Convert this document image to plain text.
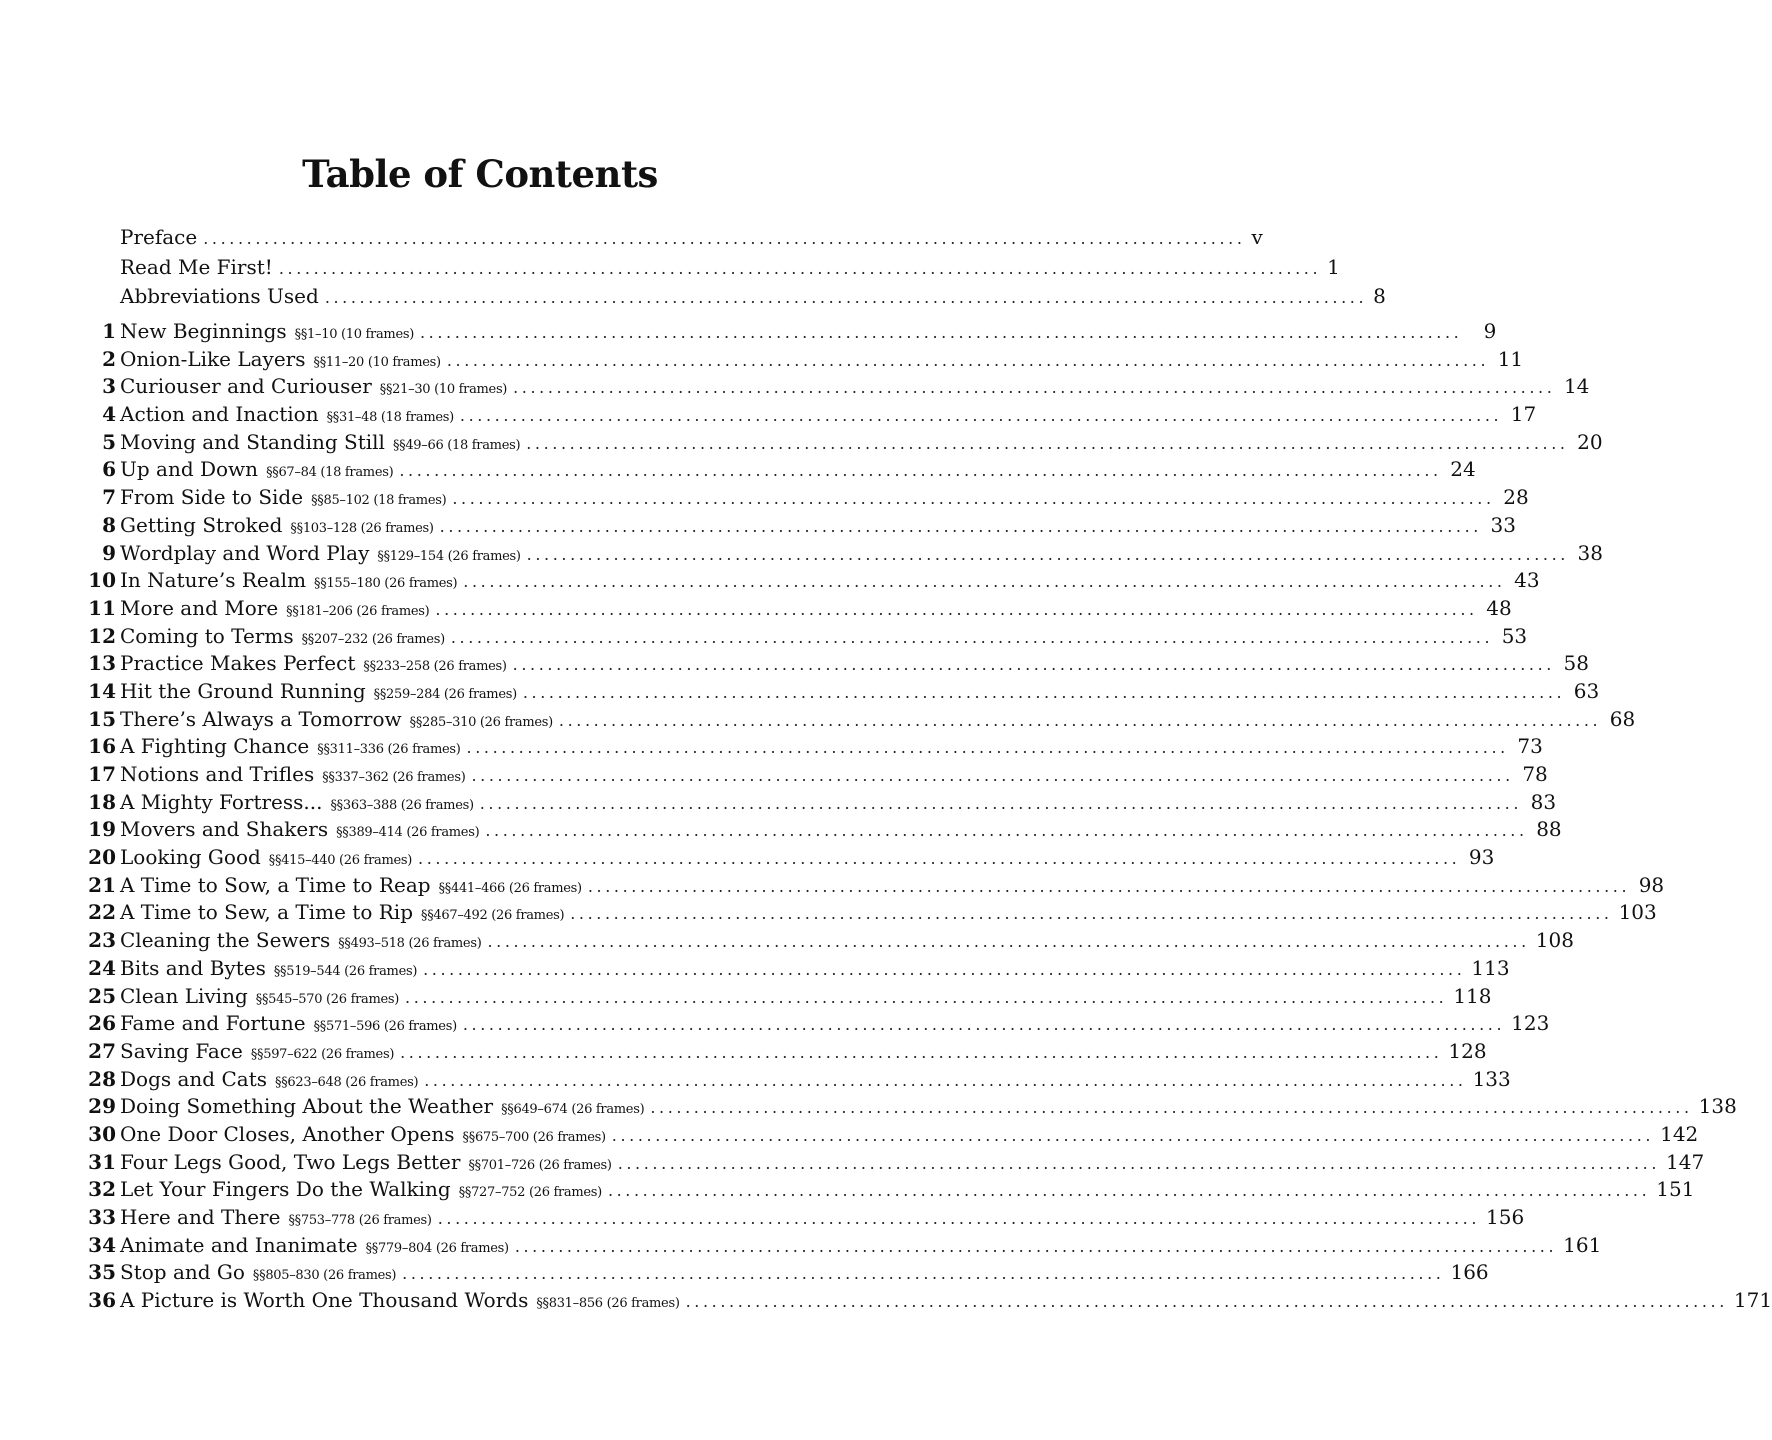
Table of Contents
Preface ........................................................................................................................ v
Read Me First! ........................................................................................................................ 1
Abbreviations Used ........................................................................................................................ 8
1 New Beginnings §§1–10 (10 frames) ........................................................................................................................	9
2 Onion-Like Layers §§11–20 (10 frames) ........................................................................................................................ 11
3 Curiouser and Curiouser §§21–30 (10 frames) ........................................................................................................................ 14
4 Action and Inaction §§31–48 (18 frames) ........................................................................................................................ 17
5 Moving and Standing Still §§49–66 (18 frames) ........................................................................................................................ 20
6 Up and Down §§67–84 (18 frames) ........................................................................................................................ 24
7 From Side to Side §§85–102 (18 frames) ........................................................................................................................ 28
8 Getting Stroked §§103–128 (26 frames) ........................................................................................................................ 33
9 Wordplay and Word Play §§129–154 (26 frames) ........................................................................................................................ 38
10 In Nature’s Realm §§155–180 (26 frames) ........................................................................................................................ 43
11 More and More §§181–206 (26 frames) ........................................................................................................................ 48
12 Coming to Terms §§207–232 (26 frames) ........................................................................................................................ 53
13 Practice Makes Perfect §§233–258 (26 frames) ........................................................................................................................ 58
14 Hit the Ground Running §§259–284 (26 frames) ........................................................................................................................ 63
15 There’s Always a Tomorrow §§285–310 (26 frames) ........................................................................................................................ 68
16 A Fighting Chance §§311–336 (26 frames) ........................................................................................................................ 73
17 Notions and Trifles §§337–362 (26 frames) ........................................................................................................................ 78
18 A Mighty Fortress... §§363–388 (26 frames) ........................................................................................................................ 83
19 Movers and Shakers §§389–414 (26 frames) ........................................................................................................................ 88
20 Looking Good §§415–440 (26 frames) ........................................................................................................................ 93
21 A Time to Sow, a Time to Reap §§441–466 (26 frames) ........................................................................................................................ 98
22 A Time to Sew, a Time to Rip §§467–492 (26 frames) ........................................................................................................................ 103
23 Cleaning the Sewers §§493–518 (26 frames) ........................................................................................................................ 108
24 Bits and Bytes §§519–544 (26 frames) ........................................................................................................................ 113
25 Clean Living §§545–570 (26 frames) ........................................................................................................................ 118
26 Fame and Fortune §§571–596 (26 frames) ........................................................................................................................ 123
27 Saving Face §§597–622 (26 frames) ........................................................................................................................ 128
28 Dogs and Cats §§623–648 (26 frames) ........................................................................................................................ 133
29 Doing Something About the Weather §§649–674 (26 frames) ........................................................................................................................ 138
30 One Door Closes, Another Opens §§675–700 (26 frames) ........................................................................................................................ 142
31 Four Legs Good, Two Legs Better §§701–726 (26 frames) ........................................................................................................................ 147
32 Let Your Fingers Do the Walking §§727–752 (26 frames) ........................................................................................................................ 151
33 Here and There §§753–778 (26 frames) ........................................................................................................................ 156
34 Animate and Inanimate §§779–804 (26 frames) ........................................................................................................................ 161
35 Stop and Go §§805–830 (26 frames) ........................................................................................................................ 166
36 A Picture is Worth One Thousand Words §§831–856 (26 frames) ........................................................................................................................ 171
